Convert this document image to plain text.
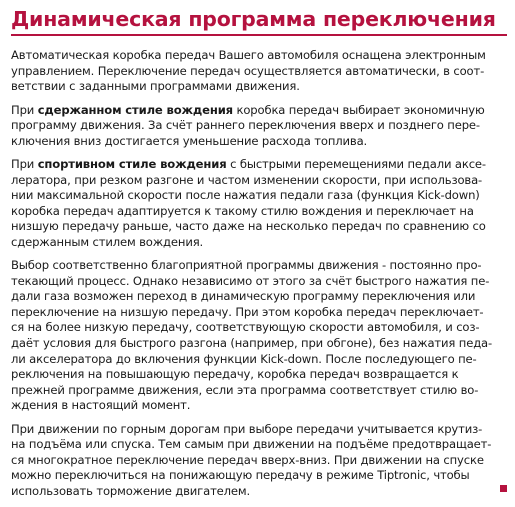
Динамическая программа переключения

Автоматическая коробка передач Вашего автомобиля оснащена электронным
управлением. Переключение передач осуществляется автоматически, в соот-
ветствии с заданными программами движения.

При сдержанном стиле вождения коробка передач выбирает экономичную
программу движения. За счёт раннего переключения вверх и позднего пере-
ключения вниз достигается уменьшение расхода топлива.

При спортивном стиле вождения с быстрыми перемещениями педали аксе-
лератора, при резком разгоне и частом изменении скорости, при использова-
нии максимальной скорости после нажатия педали газа (функция Kick-down)
коробка передач адаптируется к такому стилю вождения и переключает на
низшую передачу раньше, часто даже на несколько передач по сравнению со
сдержанным стилем вождения.

Выбор соответственно благоприятной программы движения - постоянно про-
текающий процесс. Однако независимо от этого за счёт быстрого нажатия пе-
дали газа возможен переход в динамическую программу переключения или
переключение на низшую передачу. При этом коробка передач переключает-
ся на более низкую передачу, соответствующую скорости автомобиля, и соз-
даёт условия для быстрого разгона (например, при обгоне), без нажатия педа-
ли акселератора до включения функции Kick-down. После последующего пе-
реключения на повышающую передачу, коробка передач возвращается к
прежней программе движения, если эта программа соответствует стилю во-
ждения в настоящий момент.

При движении по горным дорогам при выборе передачи учитывается крутиз-
на подъёма или спуска. Тем самым при движении на подъёме предотвращает-
ся многократное переключение передач вверх-вниз. При движении на спуске
можно переключиться на понижающую передачу в режиме Tiptronic, чтобы
использовать торможение двигателем.
